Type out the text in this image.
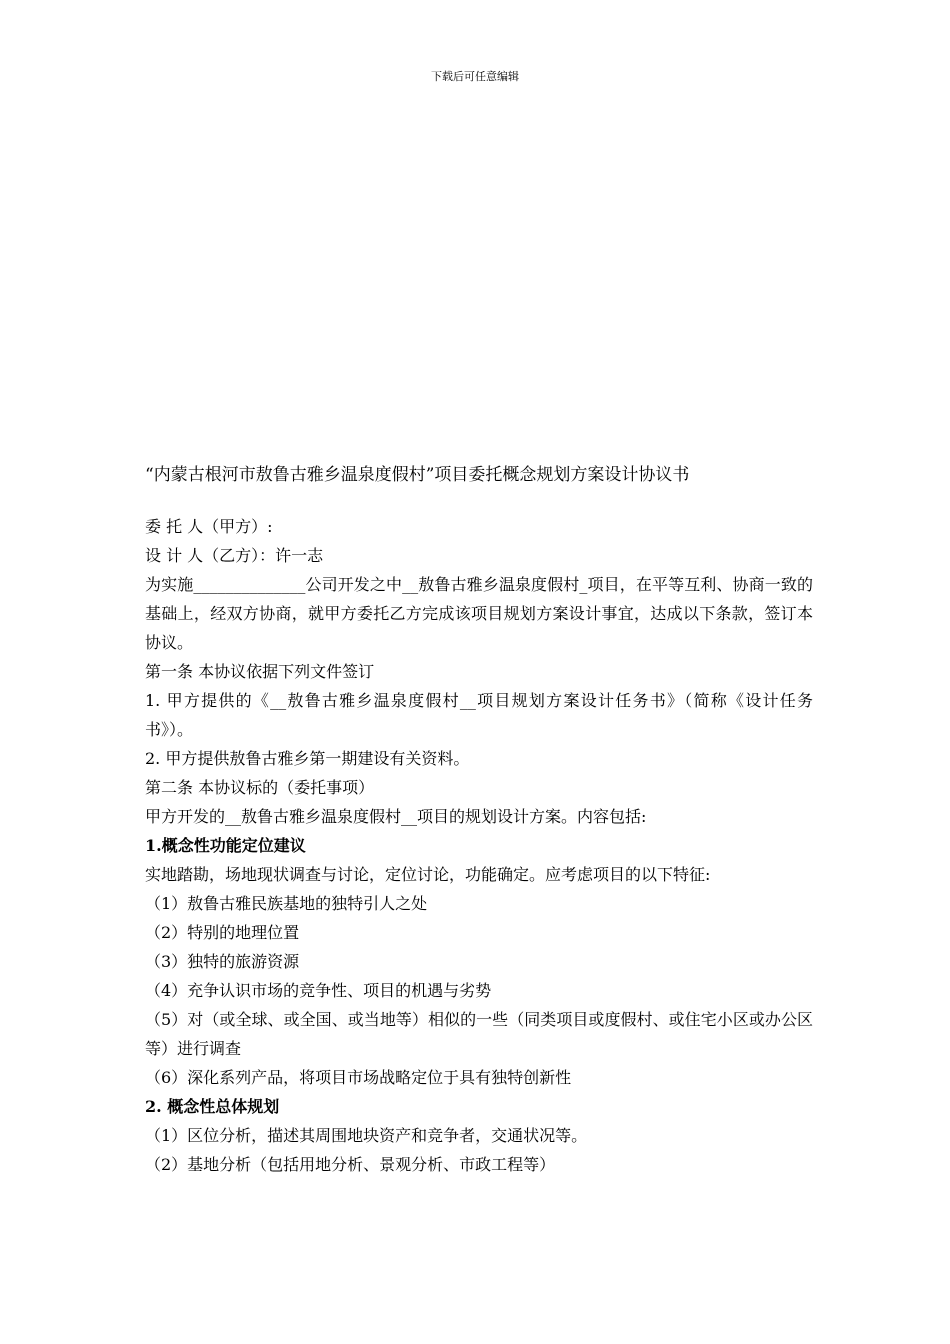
下载后可任意编辑
“内蒙古根河市敖鲁古雅乡温泉度假村”项目委托概念规划方案设计协议书
委 托 人（甲方）:
设 计 人（乙方）：许一志
为实施______________公司开发之中__敖鲁古雅乡温泉度假村_项目，在平等互利、协商一致的基础上，经双方协商，就甲方委托乙方完成该项目规划方案设计事宜，达成以下条款，签订本协议。
第一条 本协议依据下列文件签订
1. 甲方提供的《__敖鲁古雅乡温泉度假村__项目规划方案设计任务书》（简称《设计任务书》）。
2. 甲方提供敖鲁古雅乡第一期建设有关资料。
第二条 本协议标的（委托事项）
甲方开发的__敖鲁古雅乡温泉度假村__项目的规划设计方案。内容包括:
1.概念性功能定位建议
实地踏勘，场地现状调查与讨论，定位讨论，功能确定。应考虑项目的以下特征:
（1）敖鲁古雅民族基地的独特引人之处
（2）特别的地理位置
（3）独特的旅游资源
（4）充争认识市场的竞争性、项目的机遇与劣势
（5）对（或全球、或全国、或当地等）相似的一些（同类项目或度假村、或住宅小区或办公区等）进行调查
（6）深化系列产品，将项目市场战略定位于具有独特创新性
2. 概念性总体规划
（1）区位分析，描述其周围地块资产和竞争者，交通状况等。
（2）基地分析（包括用地分析、景观分析、市政工程等）
